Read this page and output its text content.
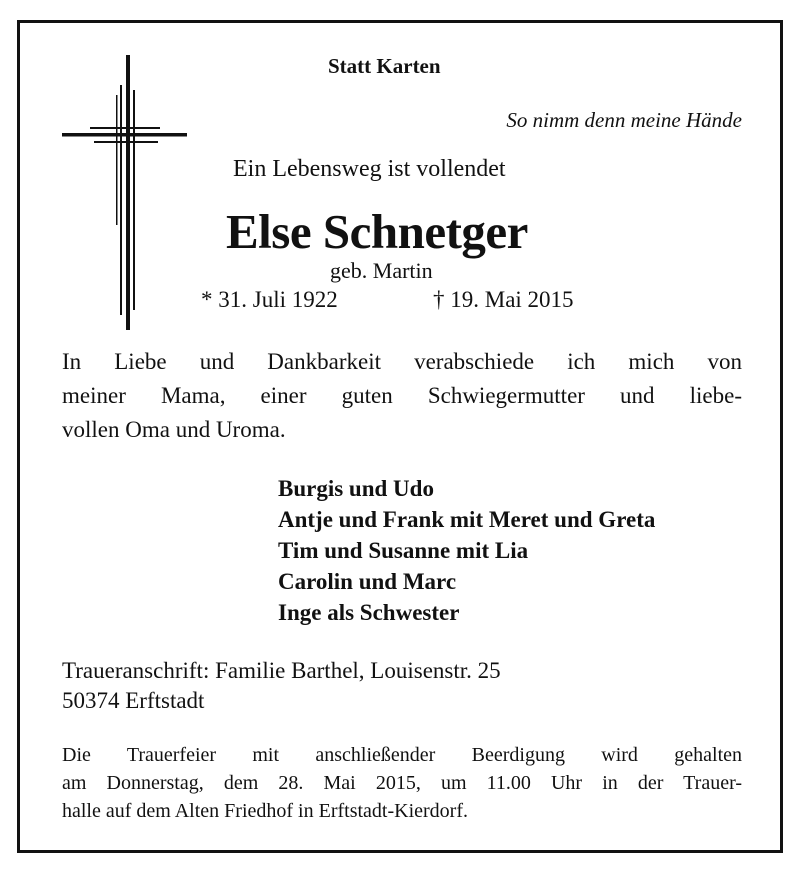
Statt Karten
So nimm denn meine Hände
Ein Lebensweg ist vollendet
Else Schnetger
geb. Martin
* 31. Juli 1922	† 19. Mai 2015
In Liebe und Dankbarkeit verabschiede ich mich von
meiner Mama, einer guten Schwiegermutter und liebe-
vollen Oma und Uroma.
Burgis und Udo
Antje und Frank mit Meret und Greta
Tim und Susanne mit Lia
Carolin und Marc
Inge als Schwester
Traueranschrift: Familie Barthel, Louisenstr. 25
50374 Erftstadt
Die Trauerfeier mit anschließender Beerdigung wird gehalten
am Donnerstag, dem 28. Mai 2015, um 11.00 Uhr in der Trauer-
halle auf dem Alten Friedhof in Erftstadt-Kierdorf.
